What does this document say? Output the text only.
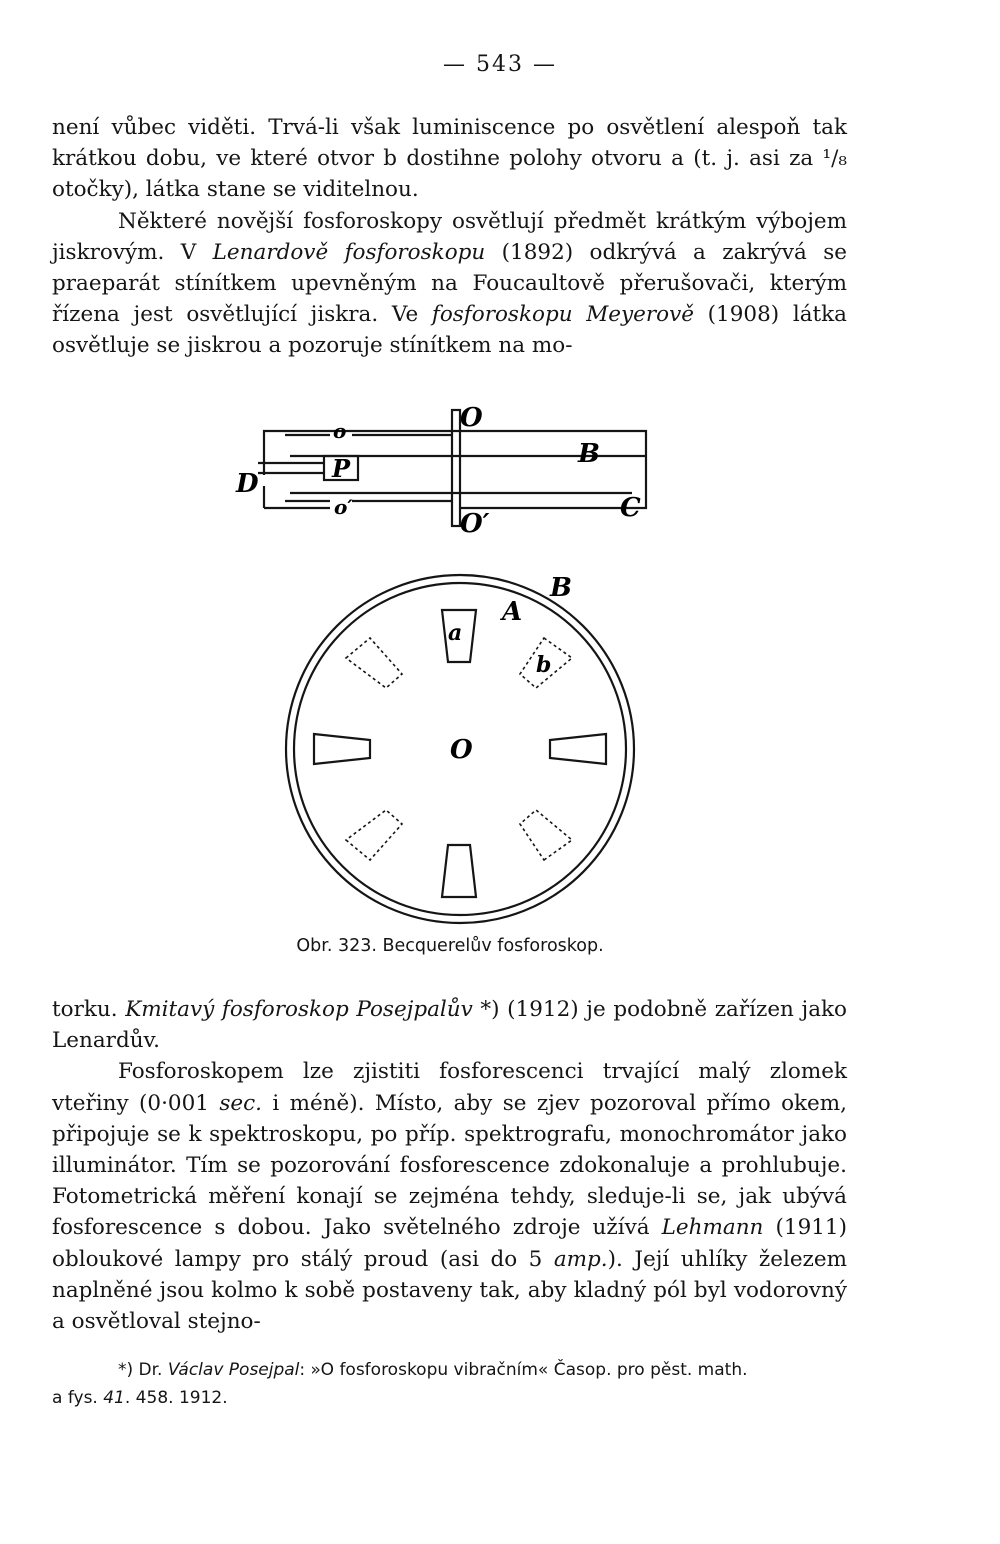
— 543 —

není vůbec viděti. Trvá-li však luminiscence po osvětlení alespoň tak krátkou dobu, ve které otvor b dostihne polohy otvoru a (t. j. asi za ¹/₈ otočky), látka stane se viditelnou.

Některé novější fosforoskopy osvětlují předmět krátkým výbojem jiskrovým. V Lenardově fosforoskopu (1892) odkrývá a zakrývá se praeparát stínítkem upevněným na Foucaultově přerušovači, kterým řízena jest osvětlující jiskra. Ve fosforoskopu Meyerově (1908) látka osvětluje se jiskrou a pozoruje stínítkem na mo-

o
o′
O
O′
B
C
D
P
A
B
a
b
O
Obr. 323. Becquerelův fosforoskop.

torku. Kmitavý fosforoskop Posejpalův *) (1912) je podobně zařízen jako Lenardův.

Fosforoskopem lze zjistiti fosforescenci trvající malý zlomek vteřiny (0·001 sec. i méně). Místo, aby se zjev pozoroval přímo okem, připojuje se k spektroskopu, po příp. spektrografu, monochromátor jako illuminátor. Tím se pozorování fosforescence zdokonaluje a prohlubuje. Fotometrická měření konají se zejména tehdy, sleduje-li se, jak ubývá fosforescence s dobou. Jako světelného zdroje užívá Lehmann (1911) obloukové lampy pro stálý proud (asi do 5 amp.). Její uhlíky železem naplněné jsou kolmo k sobě postaveny tak, aby kladný pól byl vodorovný a osvětloval stejno-

*) Dr. Václav Posejpal: »O fosforoskopu vibračním« Časop. pro pěst. math.

a fys. 41. 458. 1912.
